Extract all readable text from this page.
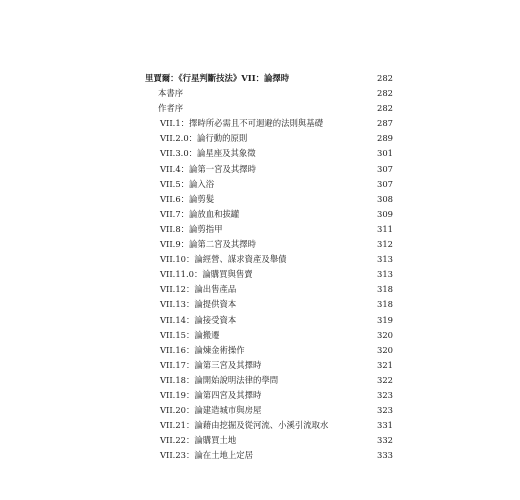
里賈爾：《行星判斷技法》VII：論擇時	282
本書序	282
作者序	282
VII.1：擇時所必需且不可迴避的法則與基礎	287
VII.2.0：論行動的原則	289
VII.3.0：論星座及其象徵	301
VII.4：論第一宮及其擇時	307
VII.5：論入浴	307
VII.6：論剪髮	308
VII.7：論放血和拔罐	309
VII.8：論剪指甲	311
VII.9：論第二宮及其擇時	312
VII.10：論經營、謀求資產及舉債	313
VII.11.0：論購買與售賣	313
VII.12：論出售產品	318
VII.13：論提供資本	318
VII.14：論接受資本	319
VII.15：論搬遷	320
VII.16：論煉金術操作	320
VII.17：論第三宮及其擇時	321
VII.18：論開始說明法律的學問	322
VII.19：論第四宮及其擇時	323
VII.20：論建造城市與房屋	323
VII.21：論藉由挖掘及從河流、小溪引流取水	331
VII.22：論購買土地	332
VII.23：論在土地上定居	333
